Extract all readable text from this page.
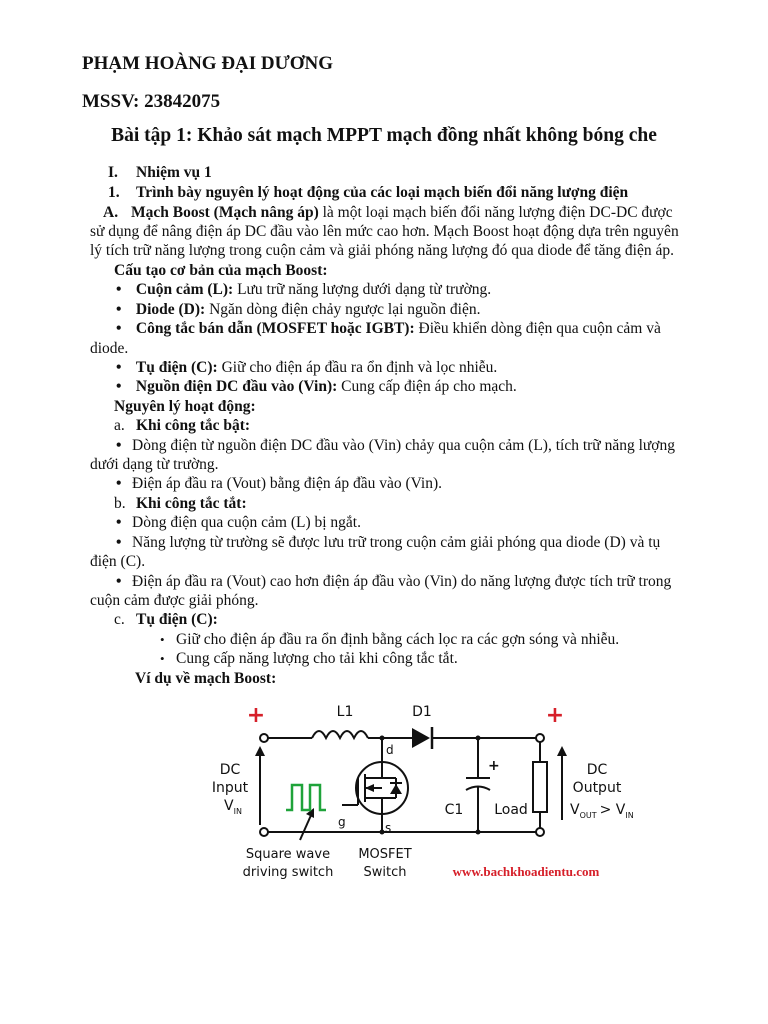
PHẠM HOÀNG ĐẠI DƯƠNG
MSSV: 23842075
Bài tập 1: Khảo sát mạch MPPT mạch đồng nhất không bóng che
I. Nhiệm vụ 1
1. Trình bày nguyên lý hoạt động của các loại mạch biến đổi năng lượng điện
A. Mạch Boost (Mạch nâng áp) là một loại mạch biến đổi năng lượng điện DC-DC được
sử dụng để nâng điện áp DC đầu vào lên mức cao hơn. Mạch Boost hoạt động dựa trên nguyên
lý tích trữ năng lượng trong cuộn cảm và giải phóng năng lượng đó qua diode để tăng điện áp.
Cấu tạo cơ bản của mạch Boost:
• Cuộn cảm (L): Lưu trữ năng lượng dưới dạng từ trường.
• Diode (D): Ngăn dòng điện chảy ngược lại nguồn điện.
• Công tắc bán dẫn (MOSFET hoặc IGBT): Điều khiển dòng điện qua cuộn cảm và
diode.
• Tụ điện (C): Giữ cho điện áp đầu ra ổn định và lọc nhiễu.
• Nguồn điện DC đầu vào (Vin): Cung cấp điện áp cho mạch.
Nguyên lý hoạt động:
a. Khi công tắc bật:
• Dòng điện từ nguồn điện DC đầu vào (Vin) chảy qua cuộn cảm (L), tích trữ năng lượng
dưới dạng từ trường.
• Điện áp đầu ra (Vout) bằng điện áp đầu vào (Vin).
b. Khi công tắc tắt:
• Dòng điện qua cuộn cảm (L) bị ngắt.
• Năng lượng từ trường sẽ được lưu trữ trong cuộn cảm giải phóng qua diode (D) và tụ
điện (C).
• Điện áp đầu ra (Vout) cao hơn điện áp đầu vào (Vin) do năng lượng được tích trữ trong
cuộn cảm được giải phóng.
c. Tụ điện (C):
• Giữ cho điện áp đầu ra ổn định bằng cách lọc ra các gợn sóng và nhiễu.
• Cung cấp năng lượng cho tải khi công tắc tắt.
Ví dụ về mạch Boost:
+	+
L1	D1
d
g	s
DC
Input
$V_{IN}$	C1
+
Load
DC
Output
$V_{OUT} > V_{IN}$
Square wave
driving switch
MOSFET
Switch	www.bachkhoadientu.com
